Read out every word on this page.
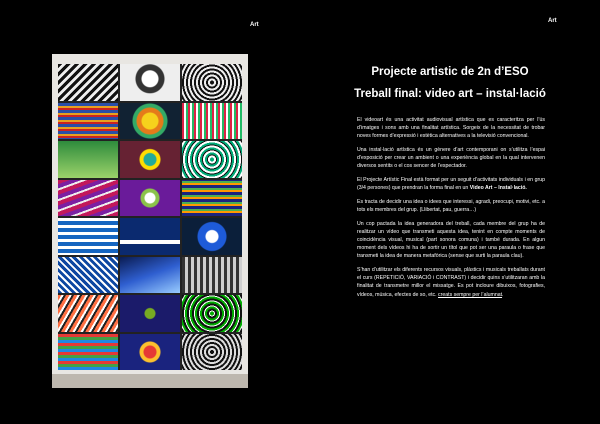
Art
Art
Projecte artistic de 2n d’ESO
Treball final: video art – instal·lació

El videoart és una activitat audiovisual artística que es caracteritza per l’ús d’imatges i sons amb una finalitat artística. Sorgeix de la necessitat de trobar noves formes d’expressió i estètica alternatives a la televisió convencional.

Una instal·lació artística és un gènere d’art contemporani on s’utilitza l’espai d’exposició per crear un ambient o una experiència global en la qual intervenen diversos sentits o el cos sencer de l’espectador.

El Projecte Artístic Final està format per un seguit d’activitats individuals i en grup (3/4 persones) que prendran la forma final en un Video Art – Instal·lació.

Es tracta de decidir una idea o idees que interessi, agradi, preocupi, motivi, etc. a tots els membres del grup. (Llibertat, pau, guerra…)

Un cop pactada la idea generadora del treball, cada membre del grup ha de realitzar un vídeo que transmeti aquesta idea, tenint en compte moments de coincidència visual, musical (part sonora comuna) i també durada. En algun moment dels vídeos hi ha de sortir un títol que pot ser una paraula o frase que transmeti la idea de manera metafòrica (sense que surti la paraula clau).

S’han d’utilitzar els diferents recursos visuals, plàstics i musicals treballats durant el curs (REPETICIÓ, VARIACIÓ i CONTRAST) i decidir quins s’utilitzaran amb la finalitat de transmetre millor el missatge. Es pot incloure dibuixos, fotografies, vídeos, música, efectes de so, etc. creats sempre per l’alumnat.
